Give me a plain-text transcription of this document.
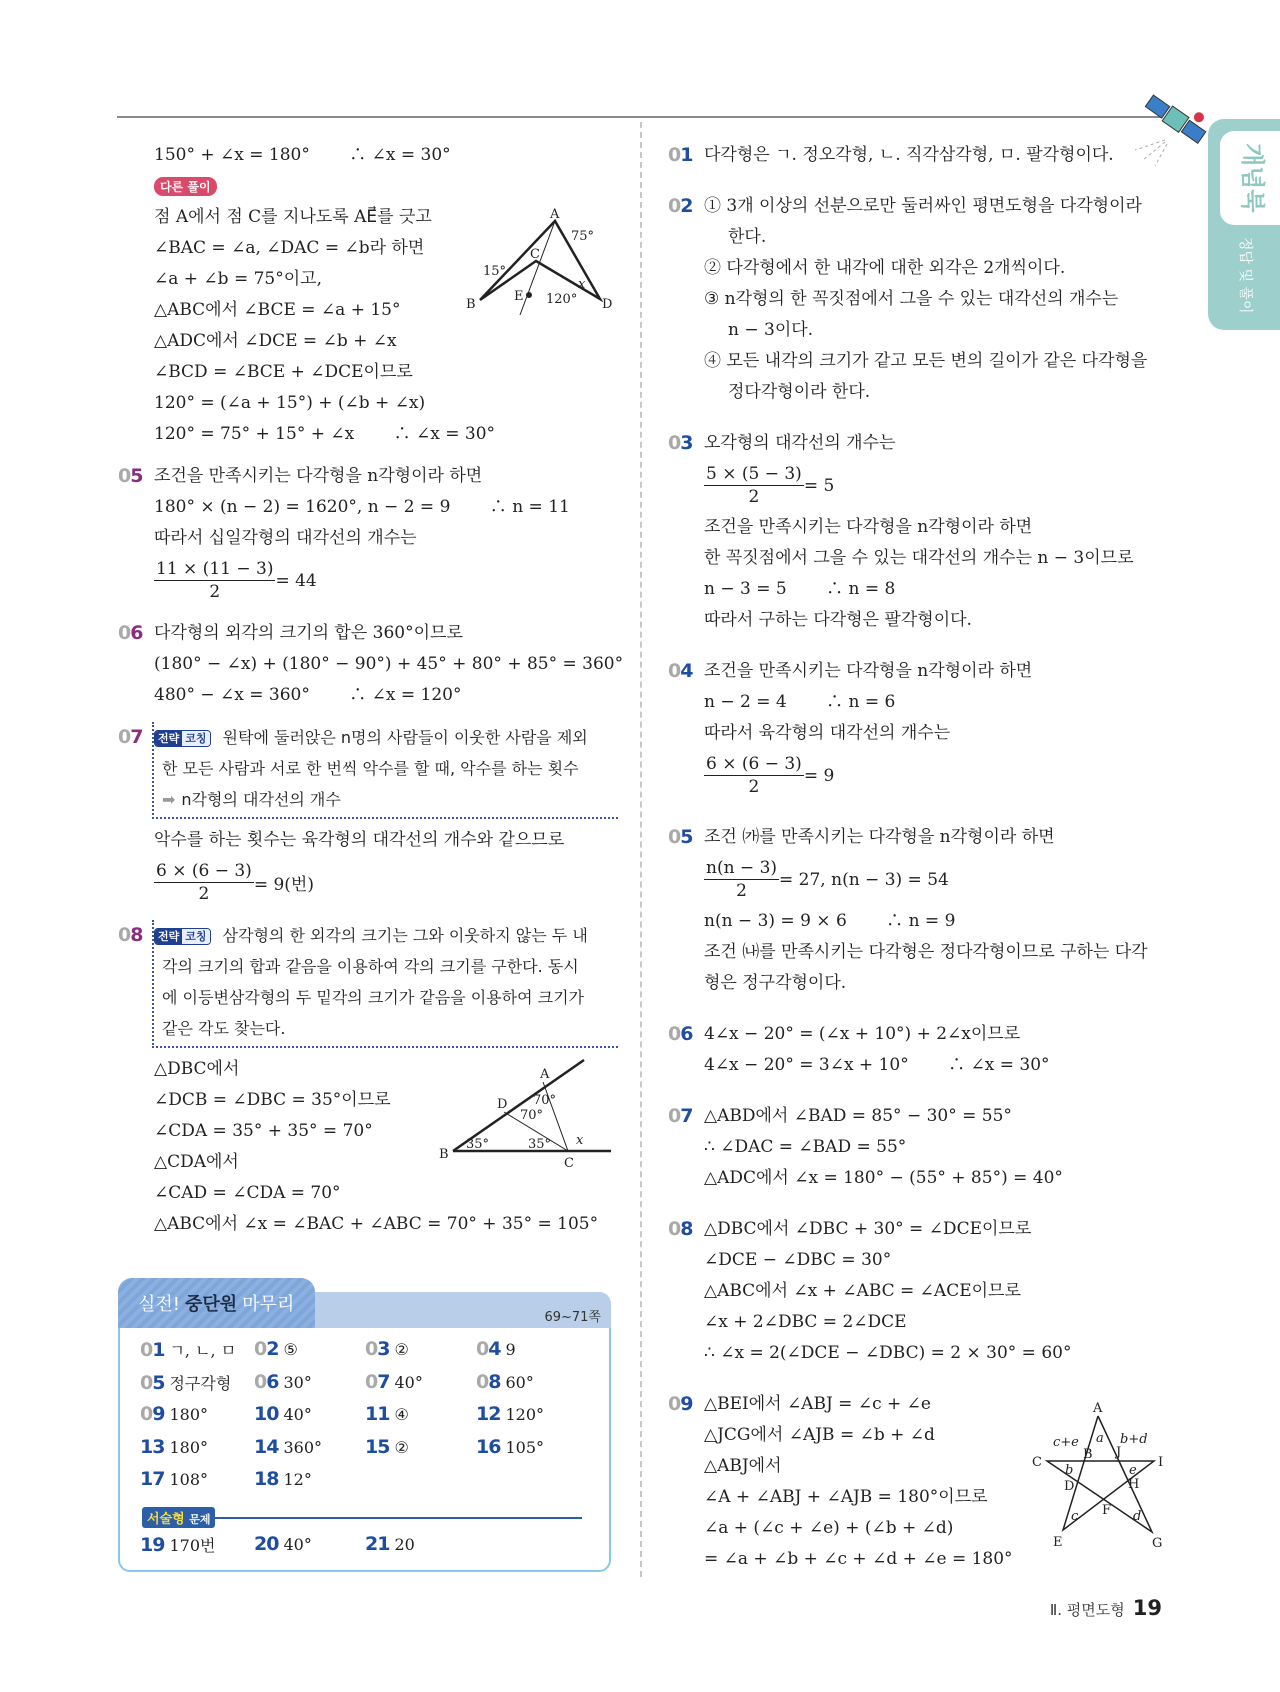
개념북
정답 및 풀이
150° + ∠x = 180°　　 ∴ ∠x = 30°
다른 풀이
점 A에서 점 C를 지나도록 AE⃗를 긋고
∠BAC = ∠a, ∠DAC = ∠b라 하면
∠a + ∠b = 75°이고,
△ABC에서 ∠BCE = ∠a + 15°
△ADC에서 ∠DCE = ∠b + ∠x
∠BCD = ∠BCE + ∠DCE이므로
120° = (∠a + 15°) + (∠b + ∠x)
120° = 75° + 15° + ∠x　　 ∴ ∠x = 30°
05 조건을 만족시키는 다각형을 n각형이라 하면
180° × (n − 2) = 1620°, n − 2 = 9　　 ∴ n = 11
따라서 십일각형의 대각선의 개수는
$\frac{11 \times (11 - 3)}{2} = 44$
06 다각형의 외각의 크기의 합은 360°이므로
(180° − ∠x) + (180° − 90°) + 45° + 80° + 85° = 360°
480° − ∠x = 360°　　 ∴ ∠x = 120°
07 전략 코칭 원탁에 둘러앉은 n명의 사람들이 이웃한 사람을 제외
한 모든 사람과 서로 한 번씩 악수를 할 때, 악수를 하는 횟수
➡ n각형의 대각선의 개수
악수를 하는 횟수는 육각형의 대각선의 개수와 같으므로
$\frac{6 \times (6 - 3)}{2} = 9$(번)
08 전략 코칭 삼각형의 한 외각의 크기는 그와 이웃하지 않는 두 내
각의 크기의 합과 같음을 이용하여 각의 크기를 구한다. 동시
에 이등변삼각형의 두 밑각의 크기가 같음을 이용하여 크기가
같은 각도 찾는다.
△DBC에서
∠DCB = ∠DBC = 35°이므로
∠CDA = 35° + 35° = 70°
△CDA에서
∠CAD = ∠CDA = 70°
△ABC에서 ∠x = ∠BAC + ∠ABC = 70° + 35° = 105°
01 다각형은 ㄱ. 정오각형, ㄴ. 직각삼각형, ㅁ. 팔각형이다.
02 ① 3개 이상의 선분으로만 둘러싸인 평면도형을 다각형이라
한다.
② 다각형에서 한 내각에 대한 외각은 2개씩이다.
③ n각형의 한 꼭짓점에서 그을 수 있는 대각선의 개수는
n − 3이다.
④ 모든 내각의 크기가 같고 모든 변의 길이가 같은 다각형을
정다각형이라 한다.
03 오각형의 대각선의 개수는
$\frac{5 \times (5 - 3)}{2} = 5$
조건을 만족시키는 다각형을 n각형이라 하면
한 꼭짓점에서 그을 수 있는 대각선의 개수는 n − 3이므로
n − 3 = 5　　 ∴ n = 8
따라서 구하는 다각형은 팔각형이다.
04 조건을 만족시키는 다각형을 n각형이라 하면
n − 2 = 4　　 ∴ n = 6
따라서 육각형의 대각선의 개수는
$\frac{6 \times (6 - 3)}{2} = 9$
05 조건 ㈎를 만족시키는 다각형을 n각형이라 하면
$\frac{n(n - 3)}{2} = 27$, n(n − 3) = 54
n(n − 3) = 9 × 6　　 ∴ n = 9
조건 ㈏를 만족시키는 다각형은 정다각형이므로 구하는 다각
형은 정구각형이다.
06 4∠x − 20° = (∠x + 10°) + 2∠x이므로
4∠x − 20° = 3∠x + 10°　　 ∴ ∠x = 30°
07 △ABD에서 ∠BAD = 85° − 30° = 55°
∴ ∠DAC = ∠BAD = 55°
△ADC에서 ∠x = 180° − (55° + 85°) = 40°
08 △DBC에서 ∠DBC + 30° = ∠DCE이므로
∠DCE − ∠DBC = 30°
△ABC에서 ∠x + ∠ABC = ∠ACE이므로
∠x + 2∠DBC = 2∠DCE
∴ ∠x = 2(∠DCE − ∠DBC) = 2 × 30° = 60°
09 △BEI에서 ∠ABJ = ∠c + ∠e
△JCG에서 ∠AJB = ∠b + ∠d
△ABJ에서
∠A + ∠ABJ + ∠AJB = 180°이므로
∠a + (∠c + ∠e) + (∠b + ∠d)
= ∠a + ∠b + ∠c + ∠d + ∠e = 180°
A
B
C
D
E
75°
15°
120°
x
A
B
C
D 70°
70°
35°	35° x
A
B
C
D
E
F
G
H
I
J
a
b
c	d
e
c+e	b+d
실전! 중단원 마무리
69~71쪽
01 ㄱ, ㄴ, ㅁ 02 ⑤	03 ②	04 9
05 정구각형 06 30°	07 40°	08 60°
09 180° 10 40°	11 ④	12 120°
13 180° 14 360° 15 ②	16 105°
17 108° 18 12°
19 170번 20 40°	21 20
서술형 문제
Ⅱ. 평면도형 19
